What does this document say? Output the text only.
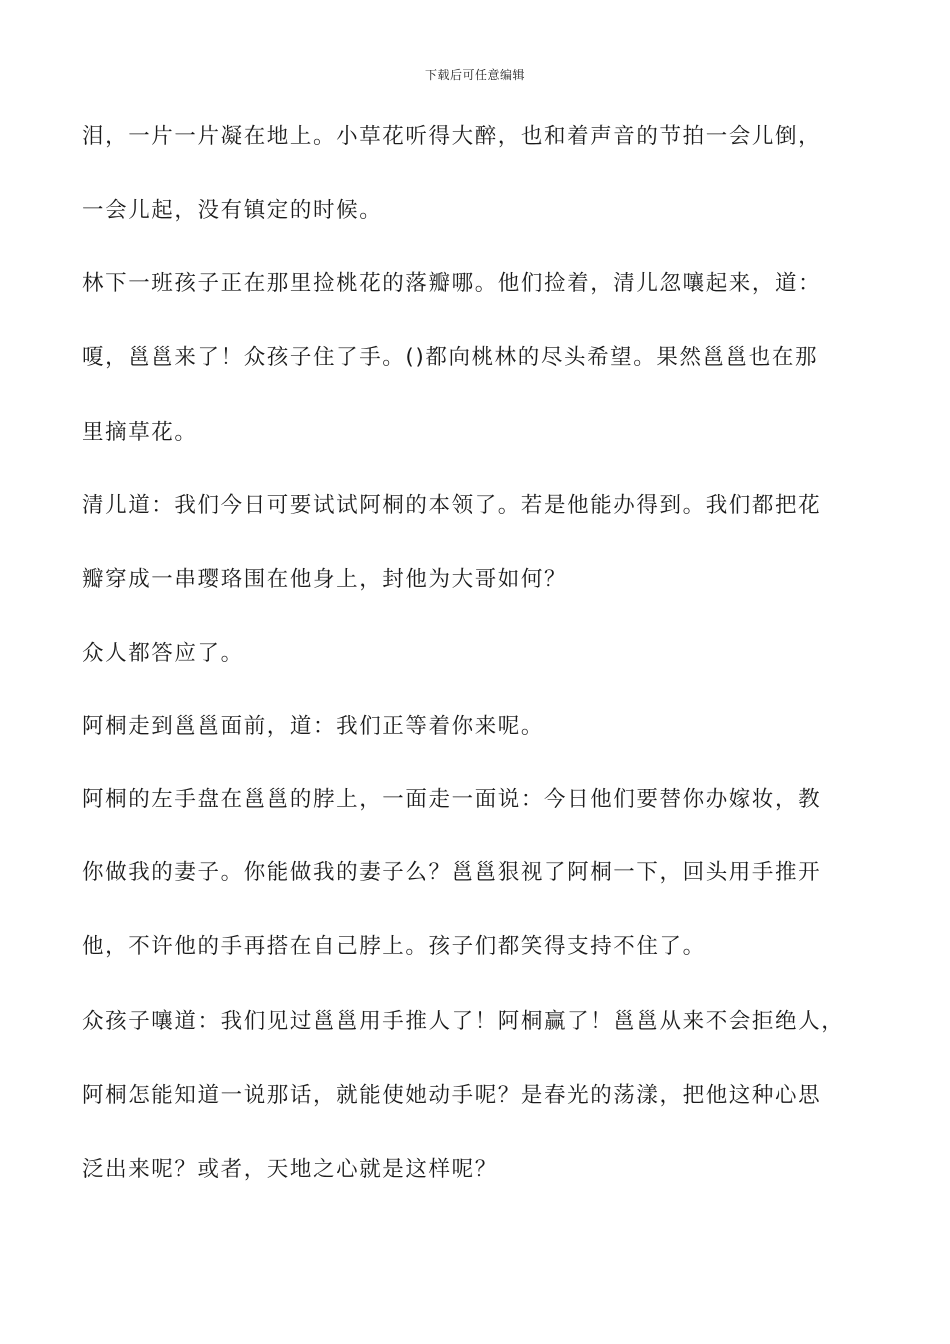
下载后可任意编辑
泪，一片一片凝在地上。小草花听得大醉，也和着声音的节拍一会儿倒，
一会儿起，没有镇定的时候。
林下一班孩子正在那里捡桃花的落瓣哪。他们捡着，清儿忽嚷起来，道：
嗄，邕邕来了！众孩子住了手。()都向桃林的尽头希望。果然邕邕也在那
里摘草花。
清儿道：我们今日可要试试阿桐的本领了。若是他能办得到。我们都把花
瓣穿成一串璎珞围在他身上，封他为大哥如何？
众人都答应了。
阿桐走到邕邕面前，道：我们正等着你来呢。
阿桐的左手盘在邕邕的脖上，一面走一面说：今日他们要替你办嫁妆，教
你做我的妻子。你能做我的妻子么？邕邕狠视了阿桐一下，回头用手推开
他，不许他的手再搭在自己脖上。孩子们都笑得支持不住了。
众孩子嚷道：我们见过邕邕用手推人了！阿桐赢了！邕邕从来不会拒绝人，
阿桐怎能知道一说那话，就能使她动手呢？是春光的荡漾，把他这种心思
泛出来呢？或者，天地之心就是这样呢？
